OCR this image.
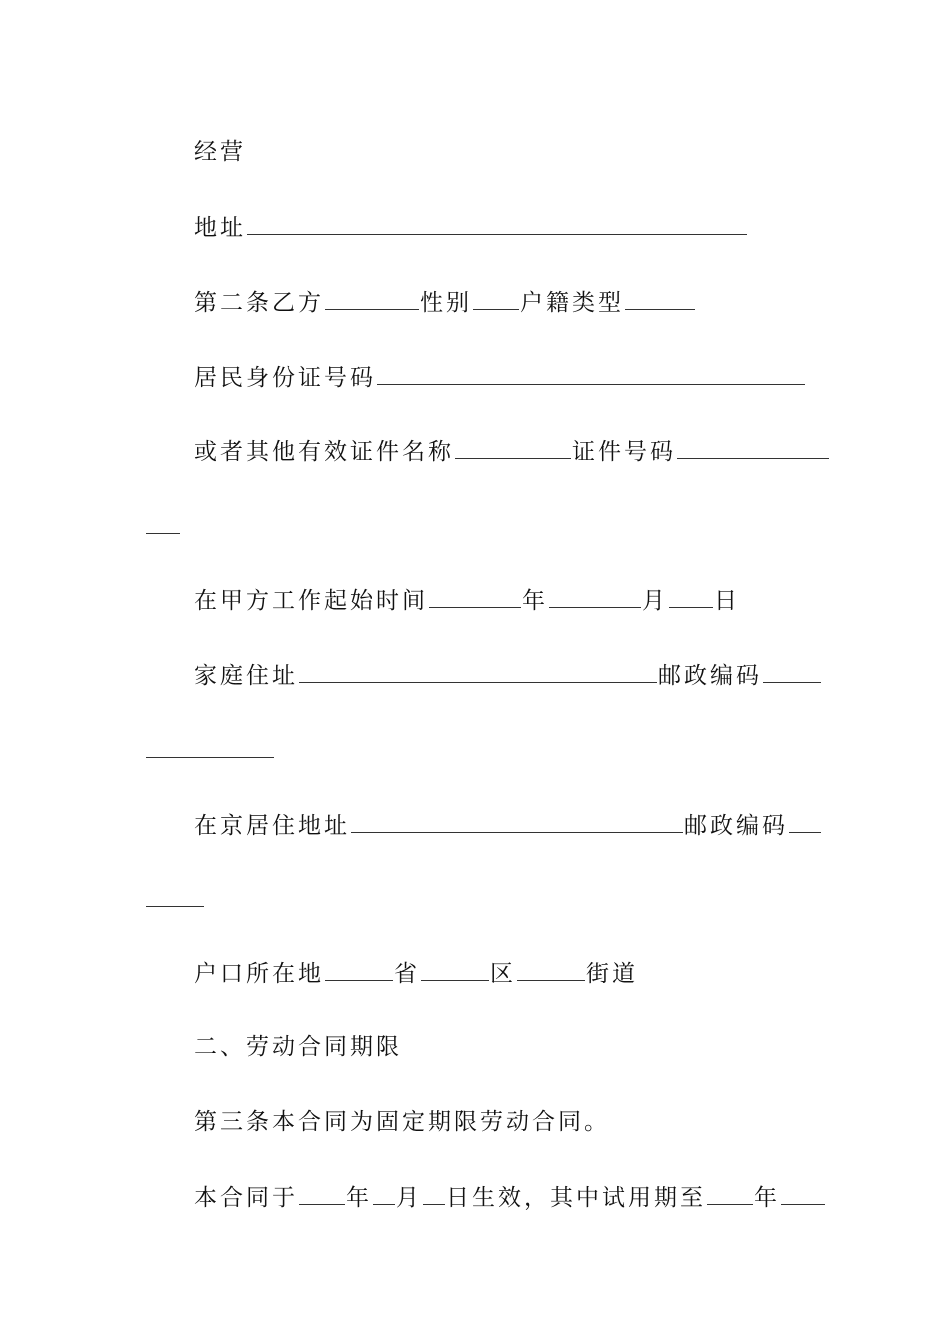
经营
地址
第二条乙方	性别 户籍类型
居民身份证号码
或者其他有效证件名称	证件号码
在甲方工作起始时间	年	月 日
家庭住址	邮政编码
在京居住地址	邮政编码
户口所在地	省	区	街道
二、劳动合同期限
第三条本合同为固定期限劳动合同。
本合同于 年 月 日生效，其中试用期至 年
